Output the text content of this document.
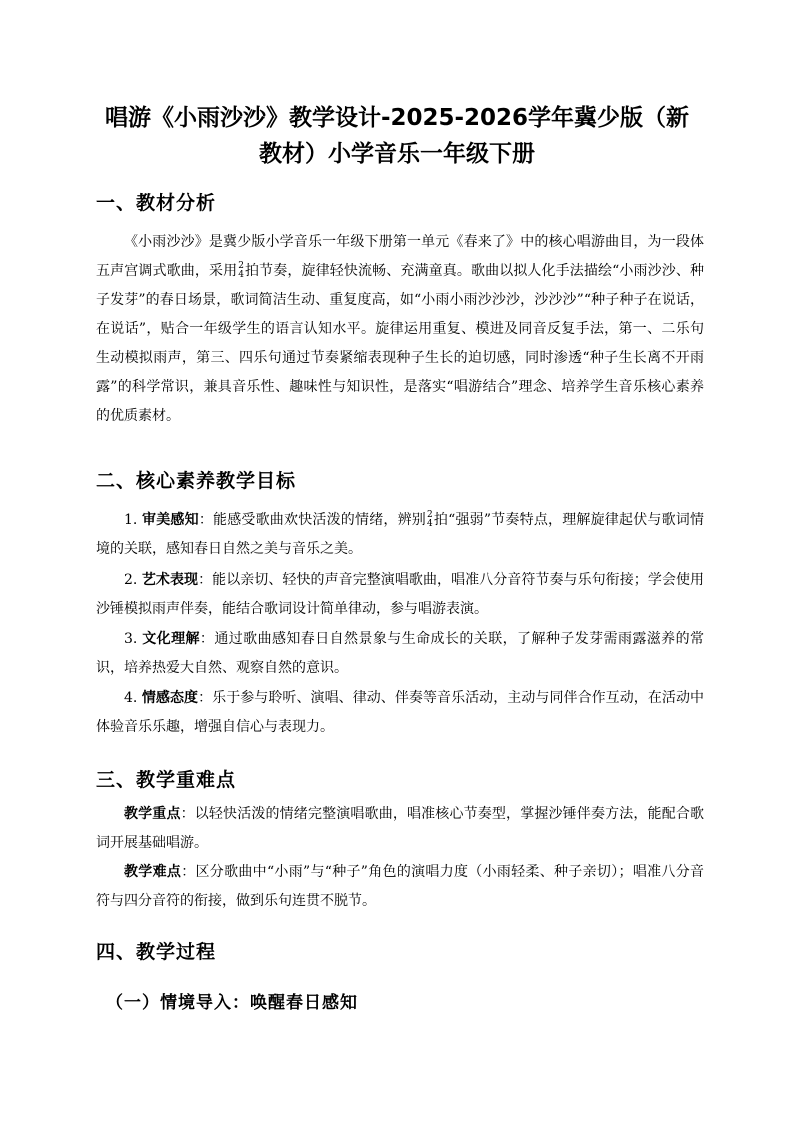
唱游《小雨沙沙》教学设计-2025-2026学年冀少版（新教材）小学音乐一年级下册
一、教材分析
《小雨沙沙》是冀少版小学音乐一年级下册第一单元《春来了》中的核心唱游曲目，为一段体五声宫调式歌曲，采用 2
4 拍节奏，旋律轻快流畅、充满童真。歌曲以拟人化手法描绘“小雨沙沙、种子发芽”的春日场景，歌词简洁生动、重复度高，如“小雨小雨沙沙沙，沙沙沙”“种子种子在说话，在说话”，贴合一年级学生的语言认知水平。旋律运用重复、模进及同音反复手法，第一、二乐句生动模拟雨声，第三、四乐句通过节奏紧缩表现种子生长的迫切感，同时渗透“种子生长离不开雨露”的科学常识，兼具音乐性、趣味性与知识性，是落实“唱游结合”理念、培养学生音乐核心素养的优质素材。
二、核心素养教学目标
1. 审美感知：能感受歌曲欢快活泼的情绪，辨别 2
4 拍“强弱”节奏特点，理解旋律起伏与歌词情境的关联，感知春日自然之美与音乐之美。
2. 艺术表现：能以亲切、轻快的声音完整演唱歌曲，唱准八分音符节奏与乐句衔接；学会使用沙锤模拟雨声伴奏，能结合歌词设计简单律动，参与唱游表演。
3. 文化理解：通过歌曲感知春日自然景象与生命成长的关联，了解种子发芽需雨露滋养的常识，培养热爱大自然、观察自然的意识。
4. 情感态度：乐于参与聆听、演唱、律动、伴奏等音乐活动，主动与同伴合作互动，在活动中体验音乐乐趣，增强自信心与表现力。
三、教学重难点
教学重点：以轻快活泼的情绪完整演唱歌曲，唱准核心节奏型，掌握沙锤伴奏方法，能配合歌词开展基础唱游。
教学难点：区分歌曲中“小雨”与“种子”角色的演唱力度（小雨轻柔、种子亲切）；唱准八分音符与四分音符的衔接，做到乐句连贯不脱节。
四、教学过程
（一）情境导入：唤醒春日感知
